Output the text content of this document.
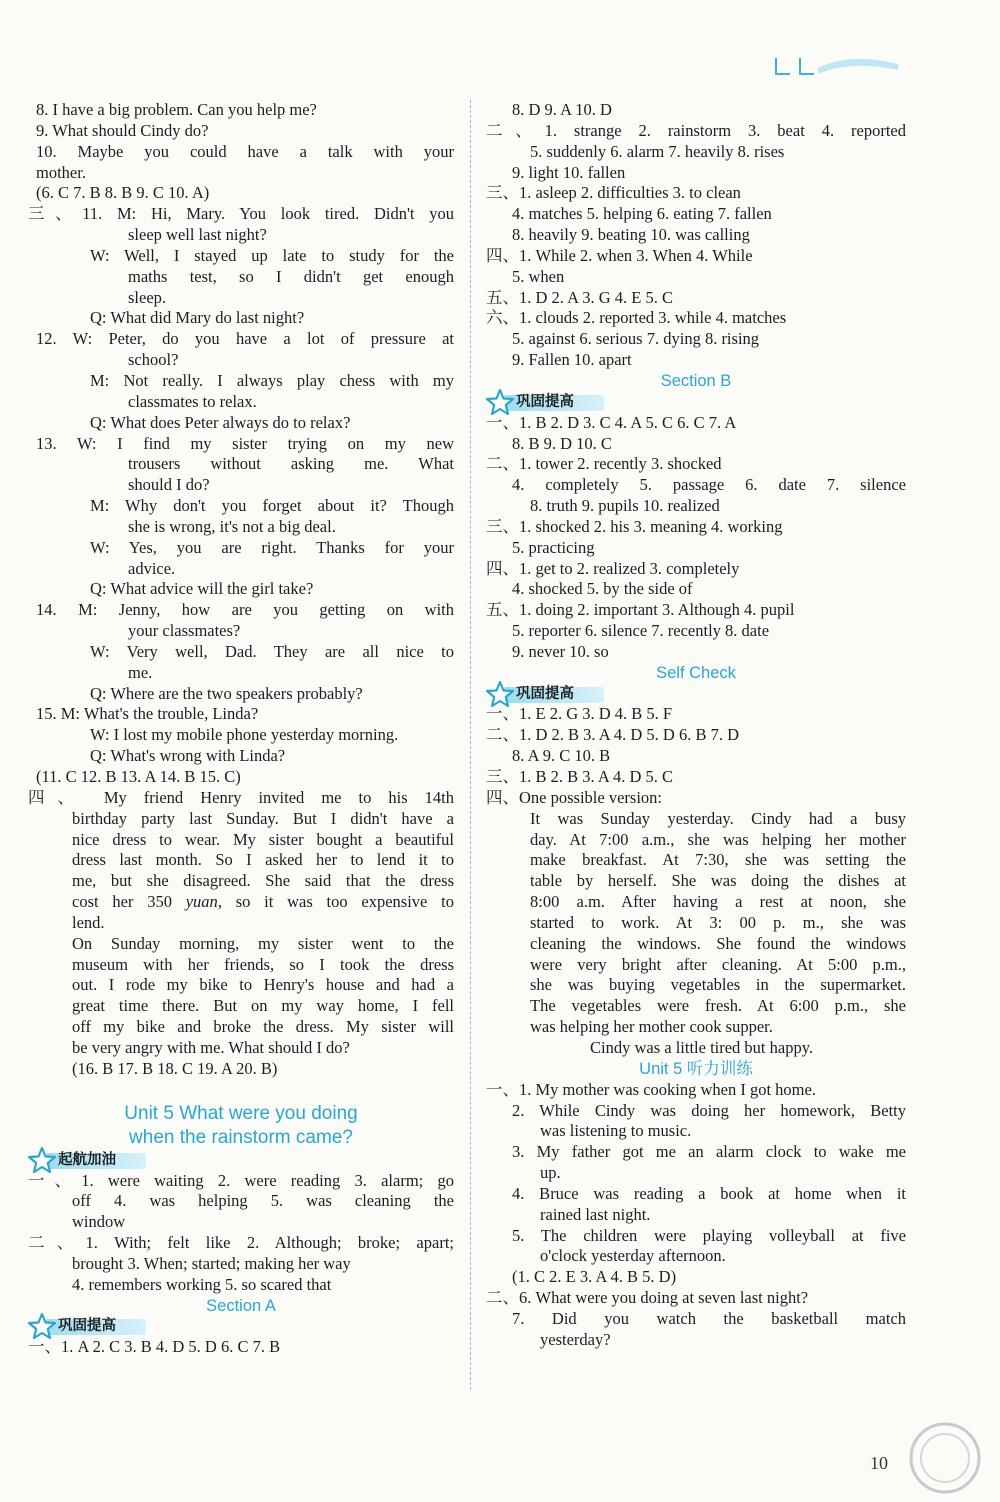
8. I have a big problem. Can you help me?
9. What should Cindy do?
10. Maybe you could have a talk with your
mother.
(6. C 7. B 8. B 9. C 10. A)
三、11. M: Hi, Mary. You look tired. Didn't you
sleep well last night?
W: Well, I stayed up late to study for the
maths test, so I didn't get enough
sleep.
Q: What did Mary do last night?
12. W: Peter, do you have a lot of pressure at
school?
M: Not really. I always play chess with my
classmates to relax.
Q: What does Peter always do to relax?
13. W: I find my sister trying on my new
trousers without asking me. What
should I do?
M: Why don't you forget about it? Though
she is wrong, it's not a big deal.
W: Yes, you are right. Thanks for your
advice.
Q: What advice will the girl take?
14. M: Jenny, how are you getting on with
your classmates?
W: Very well, Dad. They are all nice to
me.
Q: Where are the two speakers probably?
15. M: What's the trouble, Linda?
W: I lost my mobile phone yesterday morning.
Q: What's wrong with Linda?
(11. C 12. B 13. A 14. B 15. C)
四、 My friend Henry invited me to his 14th
birthday party last Sunday. But I didn't have a
nice dress to wear. My sister bought a beautiful
dress last month. So I asked her to lend it to
me, but she disagreed. She said that the dress
cost her 350 yuan, so it was too expensive to
lend.
On Sunday morning, my sister went to the
museum with her friends, so I took the dress
out. I rode my bike to Henry's house and had a
great time there. But on my way home, I fell
off my bike and broke the dress. My sister will
be very angry with me. What should I do?
(16. B 17. B 18. C 19. A 20. B)
Unit 5 What were you doing
when the rainstorm came?
起航加油
一、1. were waiting 2. were reading 3. alarm; go
off 4. was helping 5. was cleaning the
window
二、1. With; felt like 2. Although; broke; apart;
brought 3. When; started; making her way
4. remembers working 5. so scared that
Section A
巩固提高
一、1. A 2. C 3. B 4. D 5. D 6. C 7. B
8. D 9. A 10. D
二、1. strange 2. rainstorm 3. beat 4. reported
5. suddenly 6. alarm 7. heavily 8. rises
9. light 10. fallen
三、1. asleep 2. difficulties 3. to clean
4. matches 5. helping 6. eating 7. fallen
8. heavily 9. beating 10. was calling
四、1. While 2. when 3. When 4. While
5. when
五、1. D 2. A 3. G 4. E 5. C
六、1. clouds 2. reported 3. while 4. matches
5. against 6. serious 7. dying 8. rising
9. Fallen 10. apart
Section B
巩固提高
一、1. B 2. D 3. C 4. A 5. C 6. C 7. A
8. B 9. D 10. C
二、1. tower 2. recently 3. shocked
4. completely 5. passage 6. date 7. silence
8. truth 9. pupils 10. realized
三、1. shocked 2. his 3. meaning 4. working
5. practicing
四、1. get to 2. realized 3. completely
4. shocked 5. by the side of
五、1. doing 2. important 3. Although 4. pupil
5. reporter 6. silence 7. recently 8. date
9. never 10. so
Self Check
巩固提高
一、1. E 2. G 3. D 4. B 5. F
二、1. D 2. B 3. A 4. D 5. D 6. B 7. D
8. A 9. C 10. B
三、1. B 2. B 3. A 4. D 5. C
四、One possible version:
It was Sunday yesterday. Cindy had a busy
day. At 7:00 a.m., she was helping her mother
make breakfast. At 7:30, she was setting the
table by herself. She was doing the dishes at
8:00 a.m. After having a rest at noon, she
started to work. At 3: 00 p. m., she was
cleaning the windows. She found the windows
were very bright after cleaning. At 5:00 p.m.,
she was buying vegetables in the supermarket.
The vegetables were fresh. At 6:00 p.m., she
was helping her mother cook supper.
Cindy was a little tired but happy.
Unit 5 听力训练
一、1. My mother was cooking when I got home.
2. While Cindy was doing her homework, Betty
was listening to music.
3. My father got me an alarm clock to wake me
up.
4. Bruce was reading a book at home when it
rained last night.
5. The children were playing volleyball at five
o'clock yesterday afternoon.
(1. C 2. E 3. A 4. B 5. D)
二、6. What were you doing at seven last night?
7. Did you watch the basketball match
yesterday?
10
